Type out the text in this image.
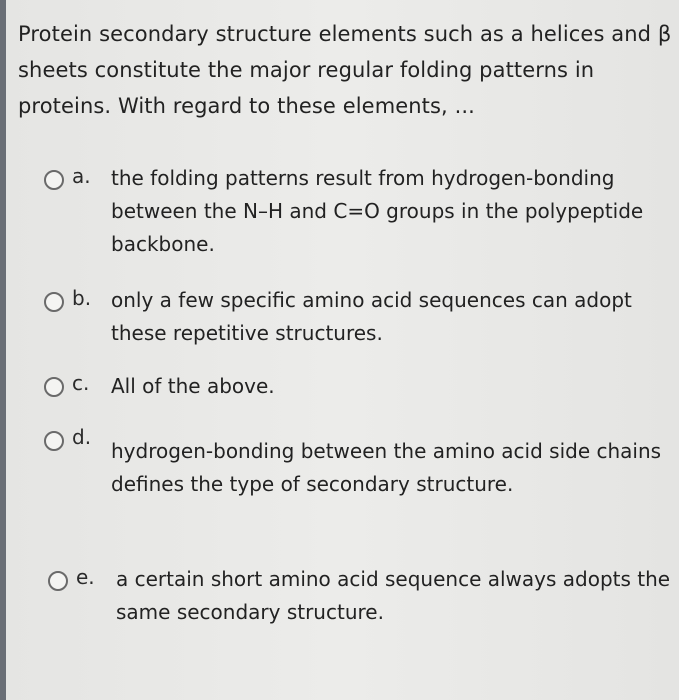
Protein secondary structure elements such as a helices and β sheets constitute the major regular folding patterns in proteins. With regard to these elements, ...

a. the folding patterns result from hydrogen-bonding between the N–H and C=O groups in the polypeptide backbone.
b. only a few specific amino acid sequences can adopt these repetitive structures.
c. All of the above.
d.
hydrogen-bonding between the amino acid side chains defines the type of secondary structure.
e. a certain short amino acid sequence always adopts the same secondary structure.
